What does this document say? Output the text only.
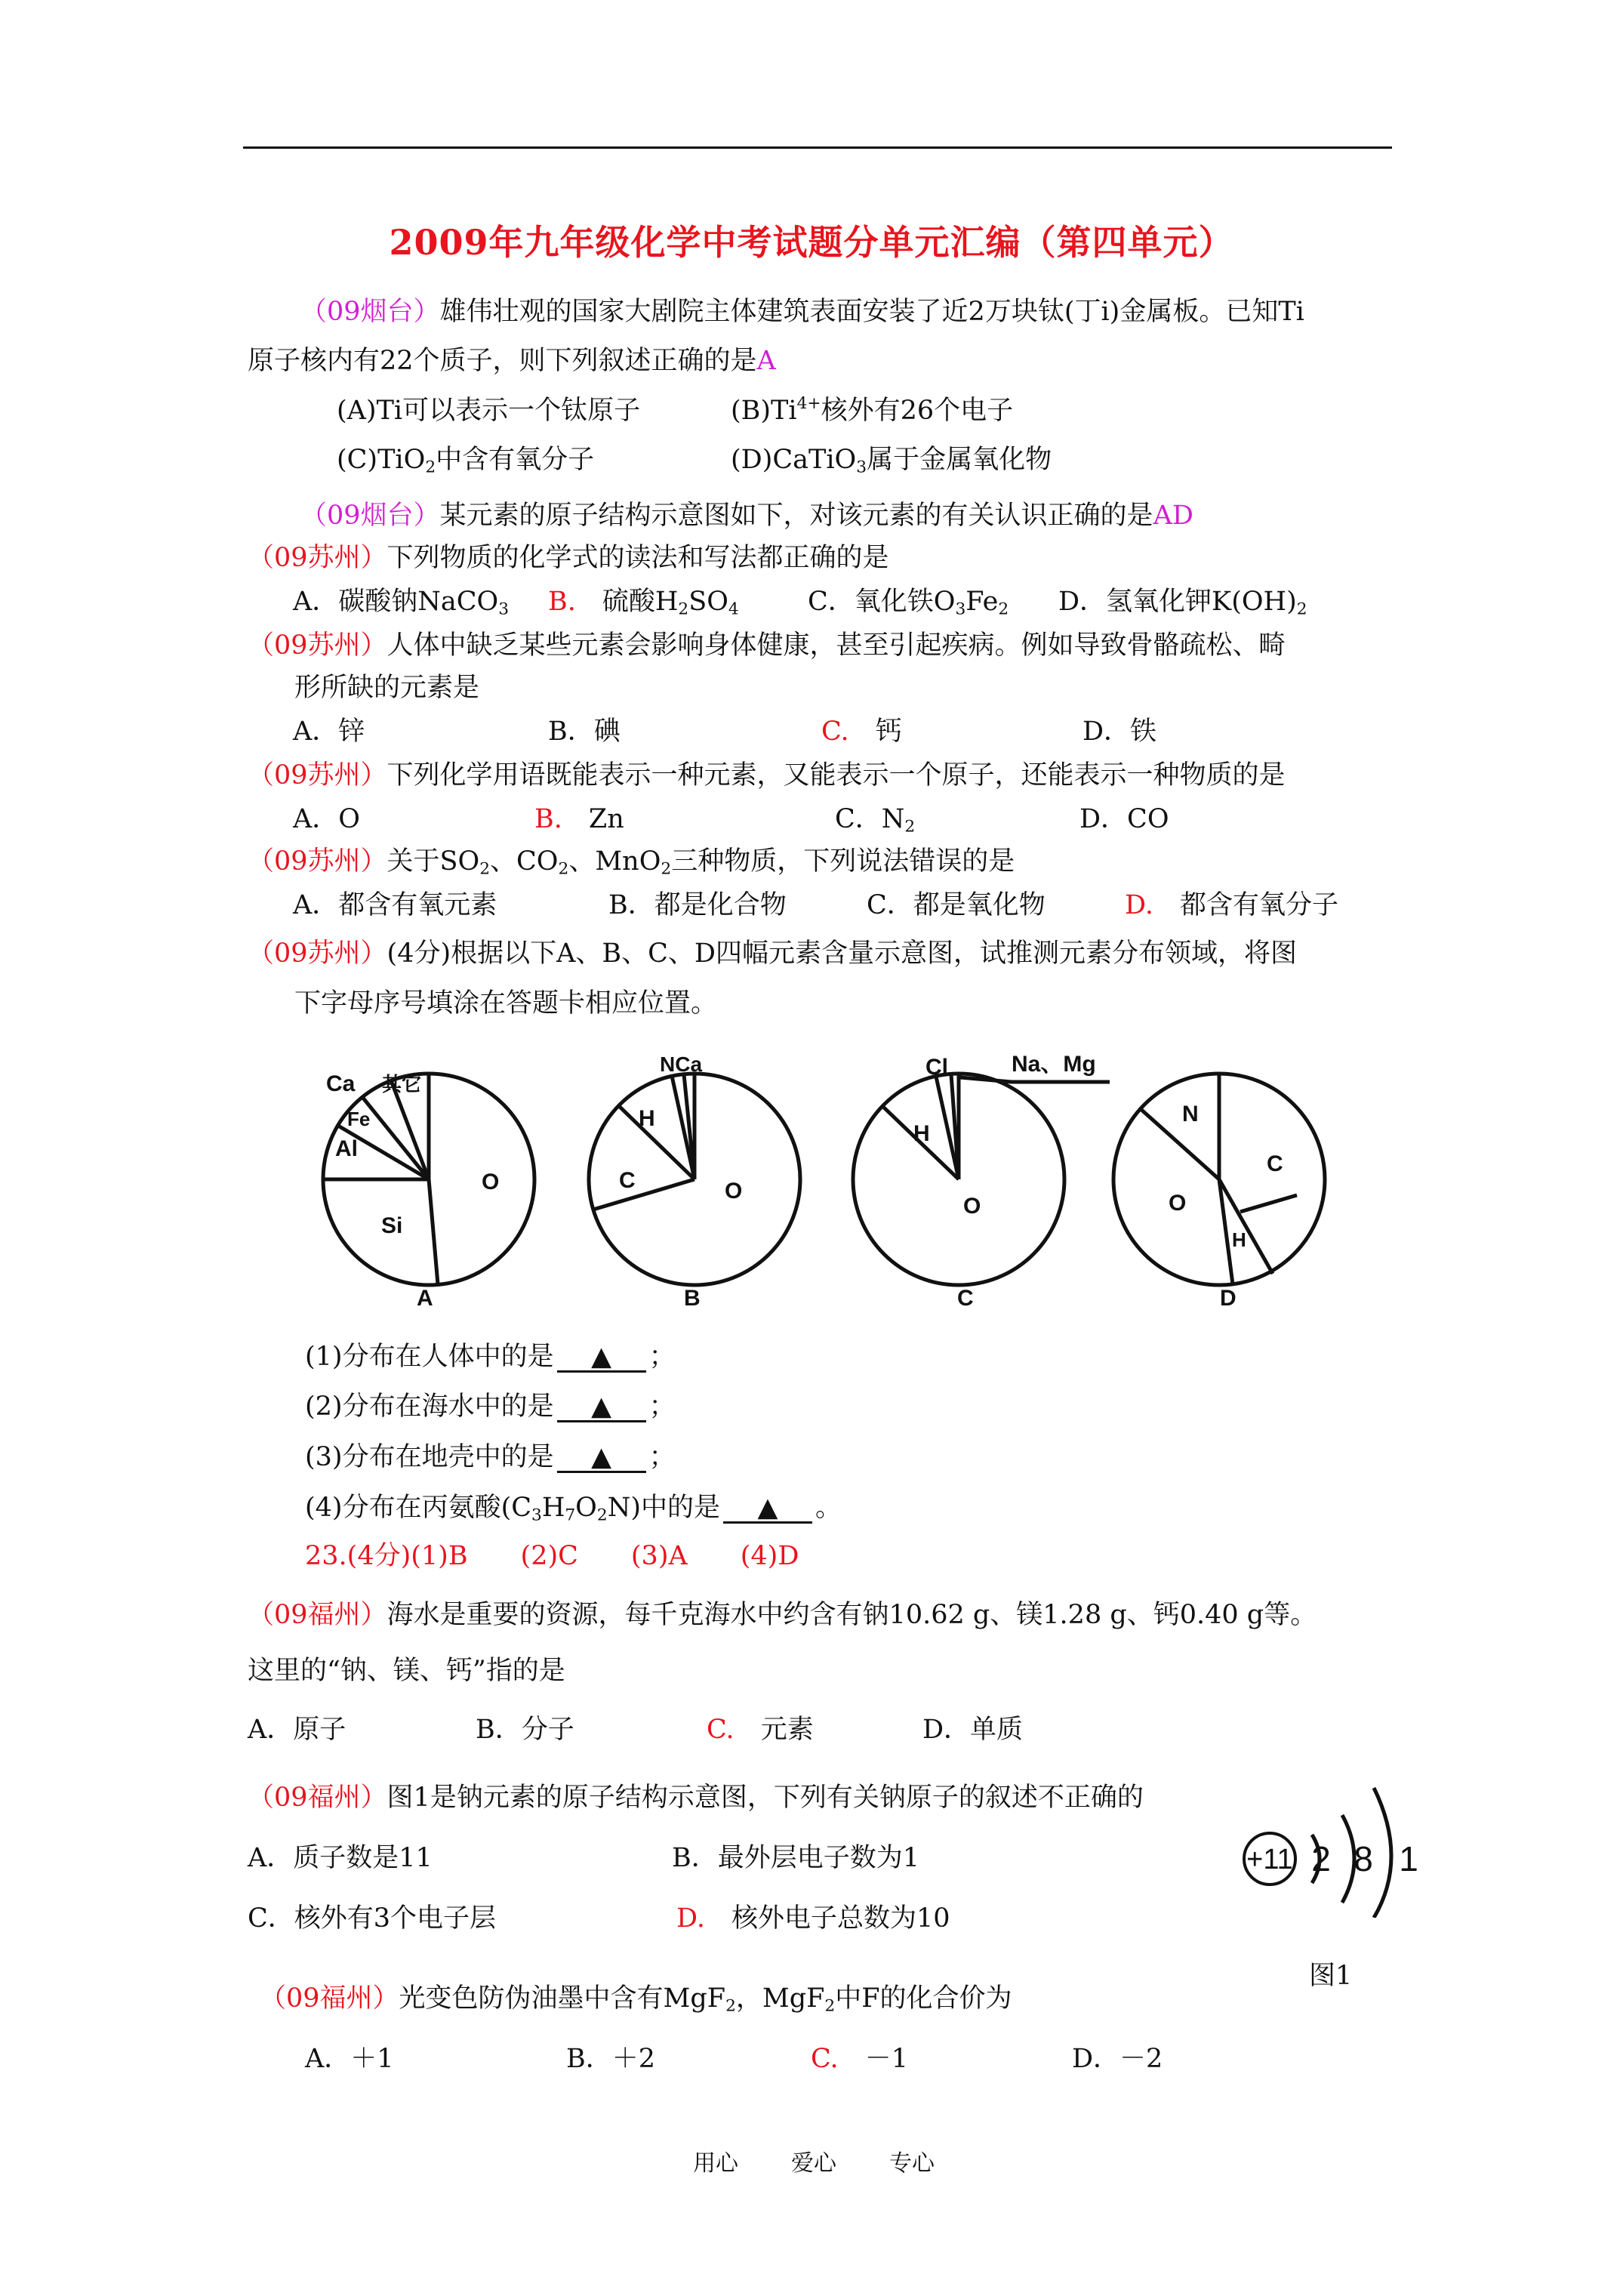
2009年九年级化学中考试题分单元汇编（第四单元）
（09烟台）雄伟壮观的国家大剧院主体建筑表面安装了近2万块钛(丁i)金属板。已知Ti
原子核内有22个质子，则下列叙述正确的是A
(A)Ti可以表示一个钛原子	$(B)Ti^{4+}$核外有26个电子
(C)TiO$_2$中含有氧分子	(D)CaTiO$_3$属于金属氧化物
（09烟台）某元素的原子结构示意图如下，对该元素的有关认识正确的是AD
（09苏州）下列物质的化学式的读法和写法都正确的是
A．碳酸钠NaCO$_3$ B.　 硫酸$H_2SO_4$	C．氧化铁$O_3Fe_2$ D．氢氧化钾$K(OH)_2$
（09苏州）人体中缺乏某些元素会影响身体健康，甚至引起疾病。例如导致骨骼疏松、畸
形所缺的元素是
A．锌	B．碘	C.　 钙	D．铁
（09苏州）下列化学用语既能表示一种元素，又能表示一个原子，还能表示一种物质的是
A．O	B.　 Zn	C．$N_2$	D．CO
（09苏州）关于$SO_2$、$CO_2$、MnO$_2$三种物质，下列说法错误的是
A．都含有氧元素	B．都是化合物	C．都是氧化物	D.　 都含有氧分子
（09苏州）(4分)根据以下A、B、C、D四幅元素含量示意图，试推测元素分布领域，将图
下字母序号填涂在答题卡相应位置。
Ca 其它
Fe
Al
Si
O
NCa
H
C	O
Cl	Na、Mg
H
O
N
C
O
H
A	B	C	D
(1)分布在人体中的是 ▲ ；
(2)分布在海水中的是 ▲ ；
(3)分布在地壳中的是 ▲ ；
(4)分布在丙氨酸$(C_3H_7O_2N)$中的是 ▲ 。
23.(4分)(1)B　　(2)C　　(3)A　　(4)D
（09福州）海水是重要的资源，每千克海水中约含有钠10.62 g、镁1.28 g、钙0.40 g等。
这里的“钠、镁、钙”指的是
A．原子	B．分子	C.　 元素	D．单质
（09福州）图1是钠元素的原子结构示意图，下列有关钠原子的叙述不正确的
A．质子数是11	B．最外层电子数为1
C．核外有3个电子层	D.　 核外电子总数为10
+11 2 8 1
图1
（09福州）光变色防伪油墨中含有MgF$_2$，MgF$_2$中F的化合价为
A．＋1	B．＋2	C.　 －1	D．－2
用心 爱心 专心
